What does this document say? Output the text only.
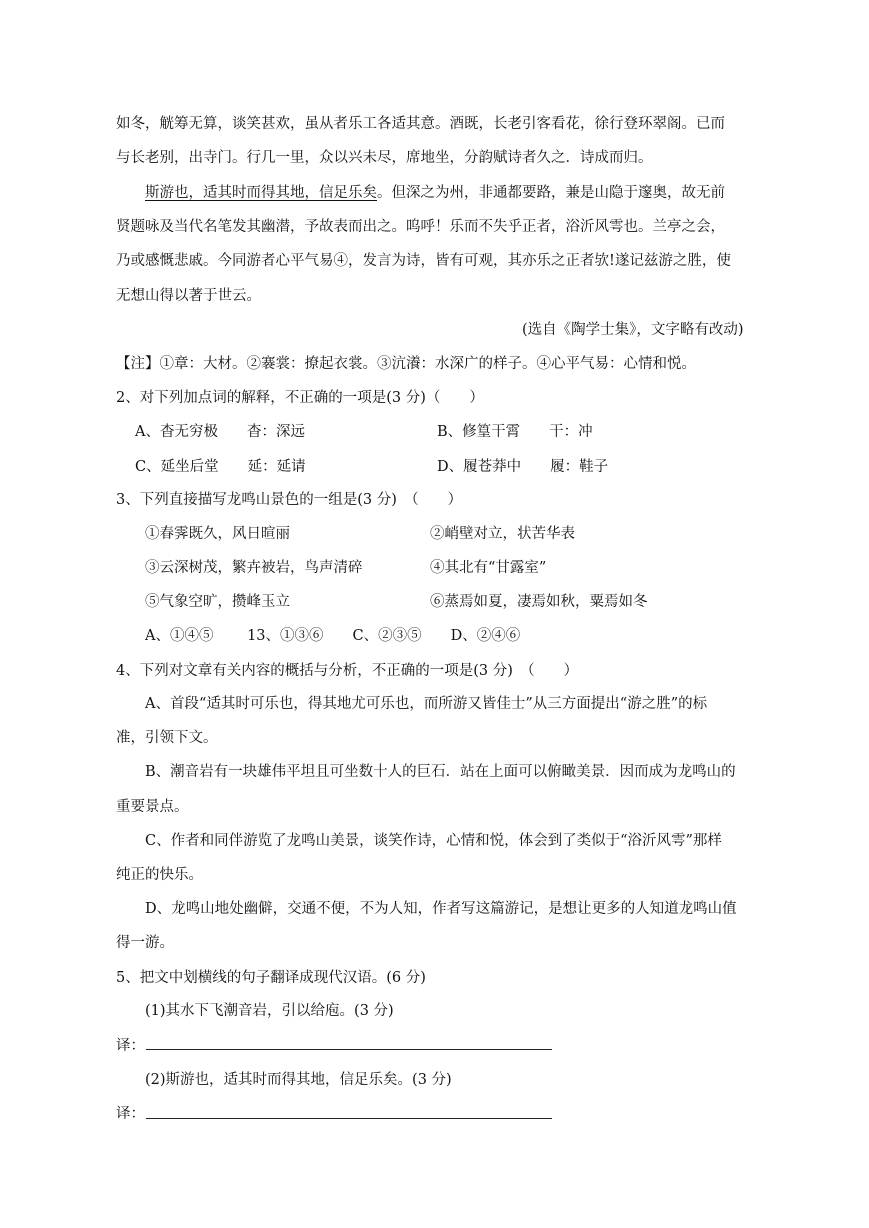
如冬，觥筹无算，谈笑甚欢，虽从者乐工各适其意。酒既，长老引客看花，徐行登环翠阁。已而
与长老别，出寺门。行几一里，众以兴未尽，席地坐，分韵赋诗者久之．诗成而归。
斯游也，适其时而得其地，信足乐矣。但深之为州，非通都要路，兼是山隐于邃奥，故无前
贤题咏及当代名笔发其幽潜，予故表而出之。呜呼！乐而不失乎正者，浴沂风雩也。兰亭之会，
乃或感慨悲戚。今同游者心平气易④，发言为诗，皆有可观，其亦乐之正者欤!遂记兹游之胜，使
无想山得以著于世云。
(选自《陶学士集》，文字略有改动)
【注】①章：大材。②褰裳：撩起衣裳。③沆瀁：水深广的样子。④心平气易：心情和悦。
2、对下列加点词的解释，不正确的一项是(3 分)（　　）
A、杳无穷极　　杳：深远	B、修篁干霄　　干：冲
C、延坐后堂　　延：延请	D、履苍莽中　　履：鞋子
3、下列直接描写龙鸣山景色的一组是(3 分)　（　　）
①春霁既久，风日暄丽	②峭壁对立，状苦华表
③云深树茂，繁卉被岩，鸟声清碎	④其北有“甘露室”
⑤气象空旷，攒峰玉立	⑥蒸焉如夏，凄焉如秋，粟焉如冬
A、①④⑤　　 13、①③⑥　　C、②③⑤　　D、②④⑥
4、下列对文章有关内容的概括与分析，不正确的一项是(3 分)　（　　）
A、首段“适其时可乐也，得其地尤可乐也，而所游又皆佳士”从三方面提出“游之胜”的标
准，引领下文。
B、潮音岩有一块雄伟平坦且可坐数十人的巨石．站在上面可以俯瞰美景．因而成为龙鸣山的
重要景点。
C、作者和同伴游览了龙鸣山美景，谈笑作诗，心情和悦，体会到了类似于“浴沂风雩”那样
纯正的快乐。
D、龙鸣山地处幽僻，交通不便，不为人知，作者写这篇游记，是想让更多的人知道龙鸣山值
得一游。
5、把文中划横线的句子翻译成现代汉语。(6 分)
(1)其水下飞潮音岩，引以给庖。(3 分)
译：
(2)斯游也，适其时而得其地，信足乐矣。(3 分)
译：
